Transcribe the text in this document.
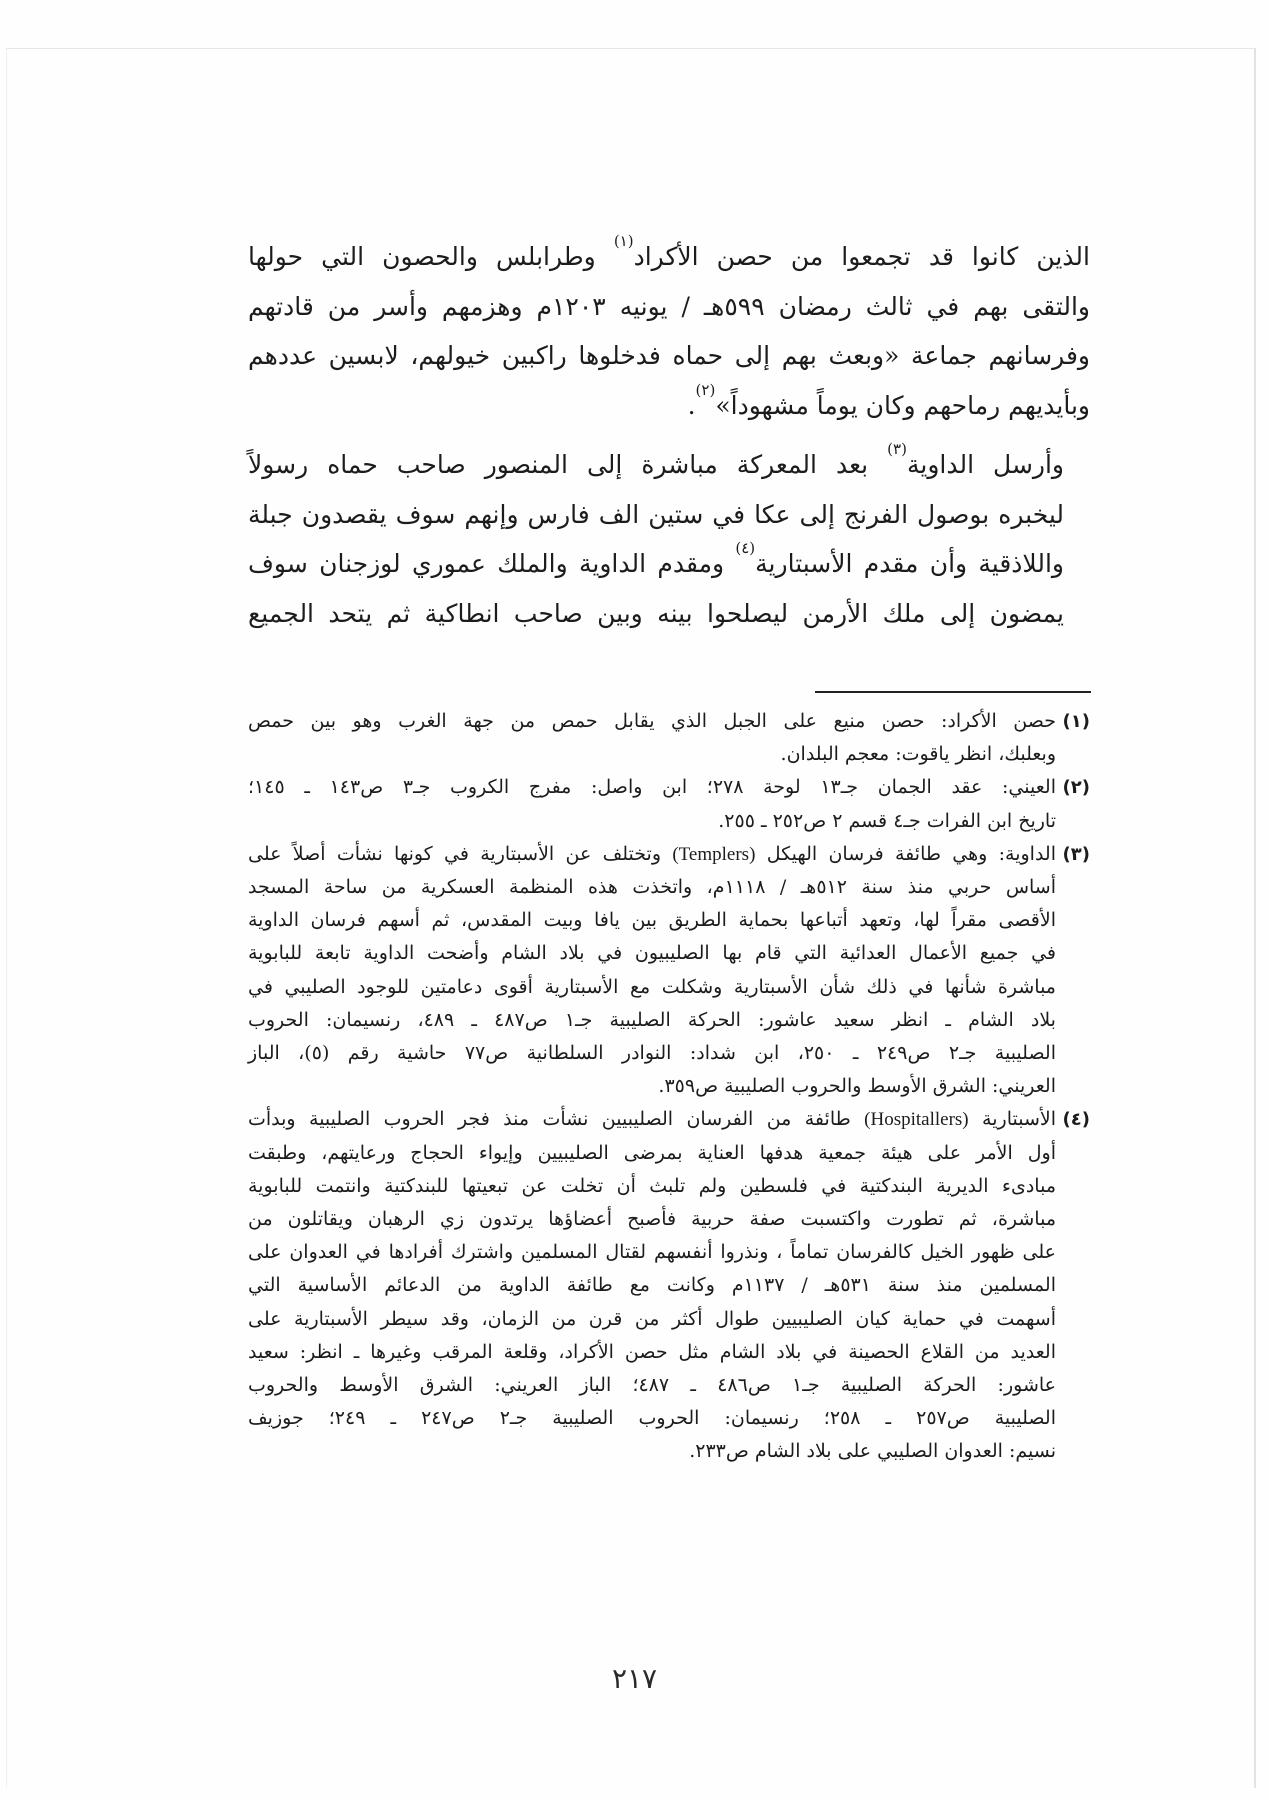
الذين كانوا قد تجمعوا من حصن الأكراد$^{(١)}$ وطرابلس والحصون التي حولها
والتقى بهم في ثالث رمضان ٥٩٩هـ / يونيه ١٢٠٣م وهزمهم وأسر من قادتهم
وفرسانهم جماعة «وبعث بهم إلى حماه فدخلوها راكبين خيولهم، لابسين عددهم
وبأيديهم رماحهم وكان يوماً مشهوداً»$^{(٢)}$.

وأرسل الداوية$^{(٣)}$ بعد المعركة مباشرة إلى المنصور صاحب حماه رسولاً
ليخبره بوصول الفرنج إلى عكا في ستين الف فارس وإنهم سوف يقصدون جبلة
واللاذقية وأن مقدم الأسبتارية$^{(٤)}$ ومقدم الداوية والملك عموري لوزجنان سوف
يمضون إلى ملك الأرمن ليصلحوا بينه وبين صاحب انطاكية ثم يتحد الجميع

(١)
حصن الأكراد: حصن منيع على الجبل الذي يقابل حمص من جهة الغرب وهو بين حمص
وبعلبك، انظر ياقوت: معجم البلدان.
(٢)
العيني: عقد الجمان جـ١٣ لوحة ٢٧٨؛ ابن واصل: مفرج الكروب جـ٣ ص١٤٣ ـ ١٤٥؛
تاريخ ابن الفرات جـ٤ قسم ٢ ص٢٥٢ ـ ٢٥٥.
(٣)
الداوية: وهي طائفة فرسان الهيكل (Templers) وتختلف عن الأسبتارية في كونها نشأت أصلاً على
أساس حربي منذ سنة ٥١٢هـ / ١١١٨م، واتخذت هذه المنظمة العسكرية من ساحة المسجد
الأقصى مقراً لها، وتعهد أتباعها بحماية الطريق بين يافا وبيت المقدس، ثم أسهم فرسان الداوية
في جميع الأعمال العدائية التي قام بها الصليبيون في بلاد الشام وأضحت الداوية تابعة للبابوية
مباشرة شأنها في ذلك شأن الأسبتارية وشكلت مع الأسبتارية أقوى دعامتين للوجود الصليبي في
بلاد الشام ـ انظر سعيد عاشور: الحركة الصليبية جـ١ ص٤٨٧ ـ ٤٨٩، رنسيمان: الحروب
الصليبية جـ٢ ص٢٤٩ ـ ٢٥٠، ابن شداد: النوادر السلطانية ص٧٧ حاشية رقم (٥)، الباز
العريني: الشرق الأوسط والحروب الصليبية ص٣٥٩.
(٤)
الأسبتارية (Hospitallers) طائفة من الفرسان الصليبيين نشأت منذ فجر الحروب الصليبية وبدأت
أول الأمر على هيئة جمعية هدفها العناية بمرضى الصليبيين وإيواء الحجاج ورعايتهم، وطبقت
مبادىء الديرية البندكتية في فلسطين ولم تلبث أن تخلت عن تبعيتها للبندكتية وانتمت للبابوية
مباشرة، ثم تطورت واكتسبت صفة حربية فأصبح أعضاؤها يرتدون زي الرهبان ويقاتلون من
على ظهور الخيل كالفرسان تماماً ، ونذروا أنفسهم لقتال المسلمين واشترك أفرادها في العدوان على
المسلمين منذ سنة ٥٣١هـ / ١١٣٧م وكانت مع طائفة الداوية من الدعائم الأساسية التي
أسهمت في حماية كيان الصليبيين طوال أكثر من قرن من الزمان، وقد سيطر الأسبتارية على
العديد من القلاع الحصينة في بلاد الشام مثل حصن الأكراد، وقلعة المرقب وغيرها ـ انظر: سعيد
عاشور: الحركة الصليبية جـ١ ص٤٨٦ ـ ٤٨٧؛ الباز العريني: الشرق الأوسط والحروب
الصليبية ص٢٥٧ ـ ٢٥٨؛ رنسيمان: الحروب الصليبية جـ٢ ص٢٤٧ ـ ٢٤٩؛ جوزيف
نسيم: العدوان الصليبي على بلاد الشام ص٢٣٣.
٢١٧
